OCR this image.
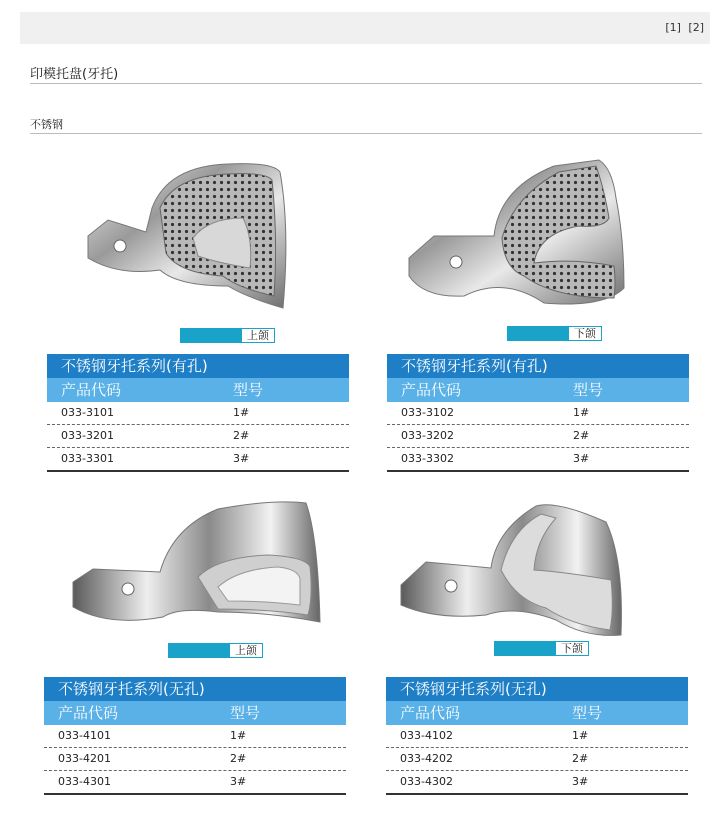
[1] [2]
印模托盘(牙托)
不锈钢
上颌	下颌
上颌	下颌
不锈钢牙托系列(有孔)
产品代码	型号
033-3101	1#
033-3201	2#
033-3301	3#
不锈钢牙托系列(有孔)
产品代码	型号
033-3102	1#
033-3202	2#
033-3302	3#
不锈钢牙托系列(无孔)
产品代码	型号
033-4101	1#
033-4201	2#
033-4301	3#
不锈钢牙托系列(无孔)
产品代码	型号
033-4102	1#
033-4202	2#
033-4302	3#
